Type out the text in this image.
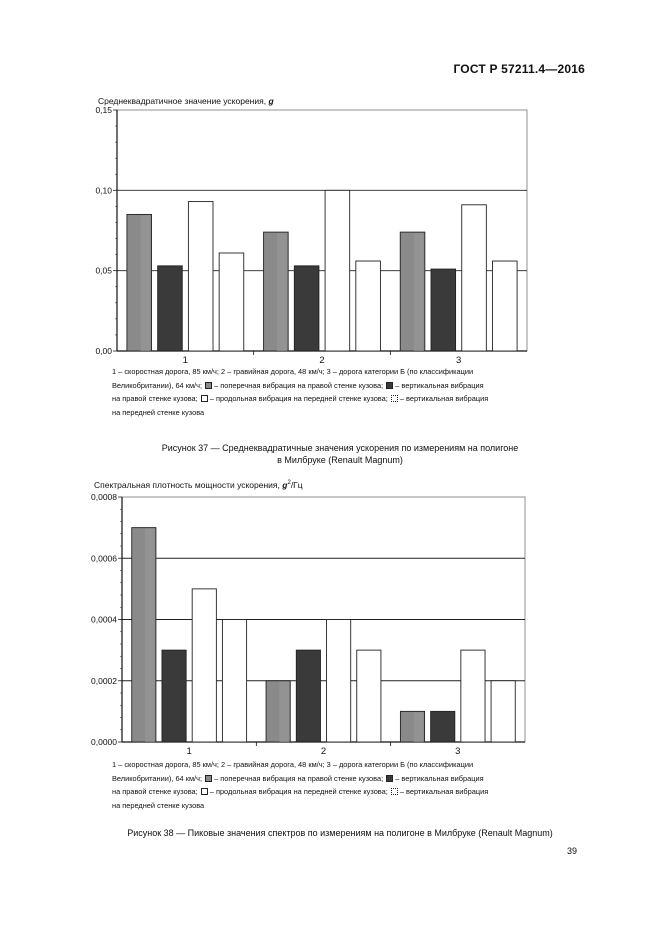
ГОСТ Р 57211.4—2016
Среднеквадратичное значение ускорения, g
0,00
0,05
0,10
0,15
1	2	3
1 – скоростная дорога, 85 км/ч; 2 – гравийная дорога, 48 км/ч; 3 – дорога категории Б (по классификации
Великобритании), 64 км/ч; – поперечная вибрация на правой стенке кузова; – вертикальная вибрация
на правой стенке кузова; – продольная вибрация на передней стенке кузова; – вертикальная вибрация
на передней стенке кузова
Рисунок 37 — Среднеквадратичные значения ускорения по измерениям на полигоне
в Милбруке (Renault Magnum)
Спектральная плотность мощности ускорения, $g^2/Гц$
0,0000
0,0002
0,0004
0,0006
0,0008
1	2	3
1 – скоростная дорога, 85 км/ч; 2 – гравийная дорога, 48 км/ч; 3 – дорога категории Б (по классификации
Великобритании), 64 км/ч; – поперечная вибрация на правой стенке кузова; – вертикальная вибрация
на правой стенке кузова; – продольная вибрация на передней стенке кузова; – вертикальная вибрация
на передней стенке кузова
Рисунок 38 — Пиковые значения спектров по измерениям на полигоне в Милбруке (Renault Magnum)
39
